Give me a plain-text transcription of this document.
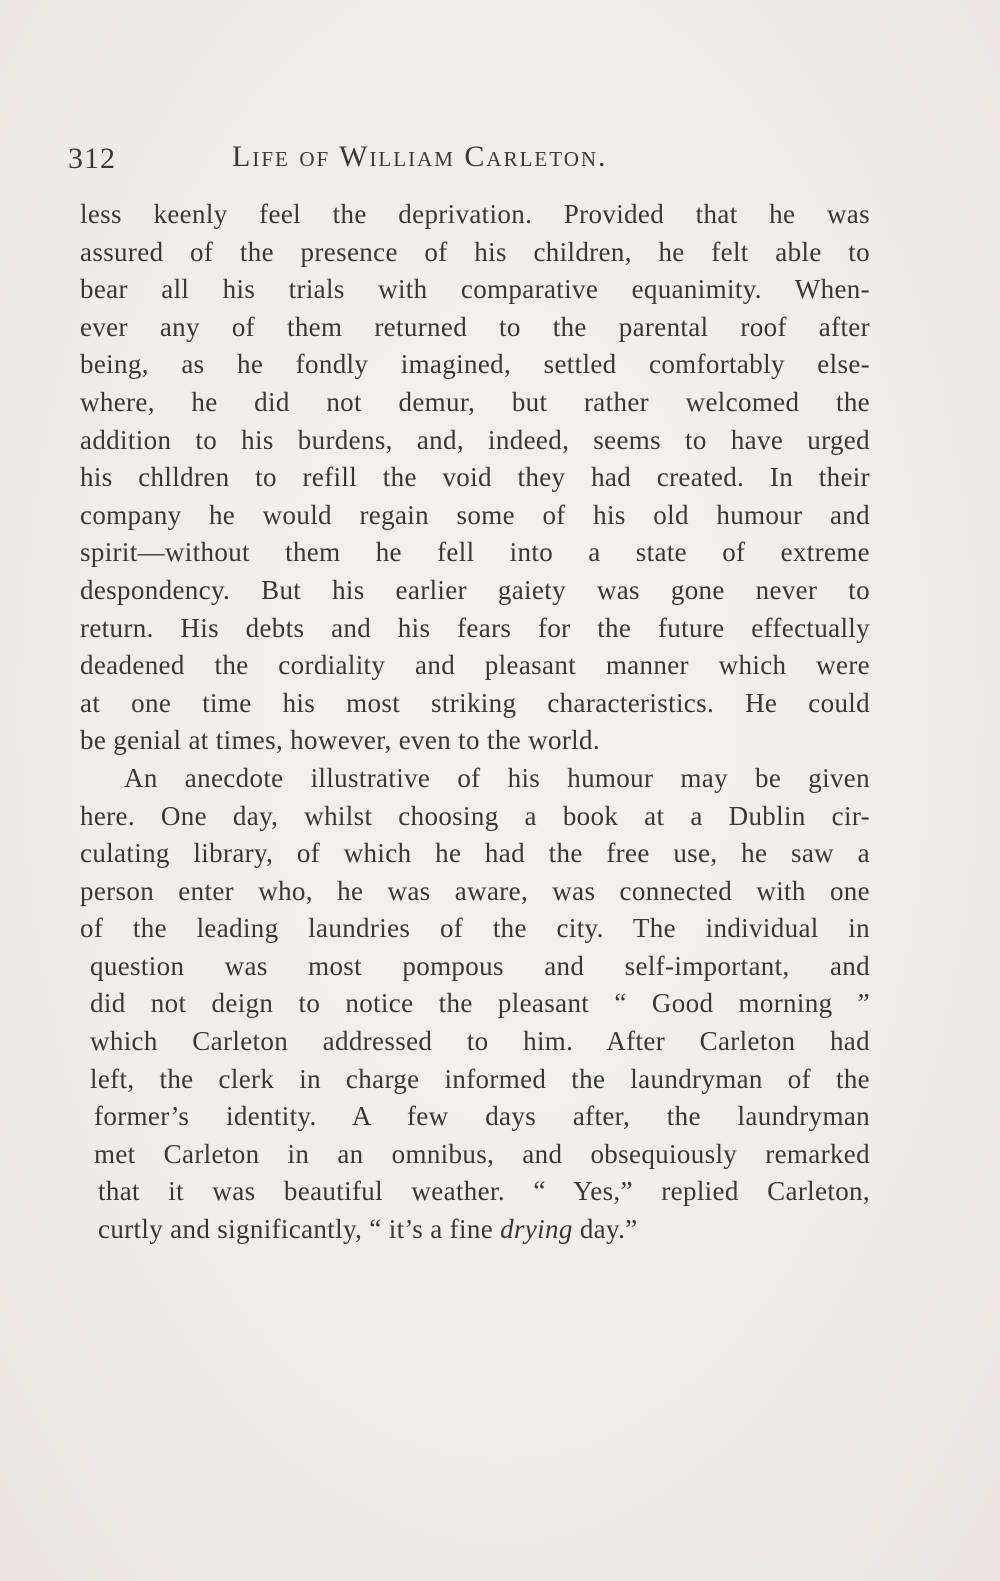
312	Life of William Carleton.
less keenly feel the deprivation. Provided that he was
assured of the presence of his children, he felt able to
bear all his trials with comparative equanimity. When-
ever any of them returned to the parental roof after
being, as he fondly imagined, settled comfortably else-
where, he did not demur, but rather welcomed the
addition to his burdens, and, indeed, seems to have urged
his chlldren to refill the void they had created. In their
company he would regain some of his old humour and
spirit—without them he fell into a state of extreme
despondency. But his earlier gaiety was gone never to
return. His debts and his fears for the future effectually
deadened the cordiality and pleasant manner which were
at one time his most striking characteristics. He could
be genial at times, however, even to the world.
An anecdote illustrative of his humour may be given
here. One day, whilst choosing a book at a Dublin cir-
culating library, of which he had the free use, he saw a
person enter who, he was aware, was connected with one
of the leading laundries of the city. The individual in
question was most pompous and self-important, and
did not deign to notice the pleasant “ Good morning ”
which Carleton addressed to him. After Carleton had
left, the clerk in charge informed the laundryman of the
former’s identity. A few days after, the laundryman
met Carleton in an omnibus, and obsequiously remarked
that it was beautiful weather. “ Yes,” replied Carleton,
curtly and significantly, “ it’s a fine drying day.”
